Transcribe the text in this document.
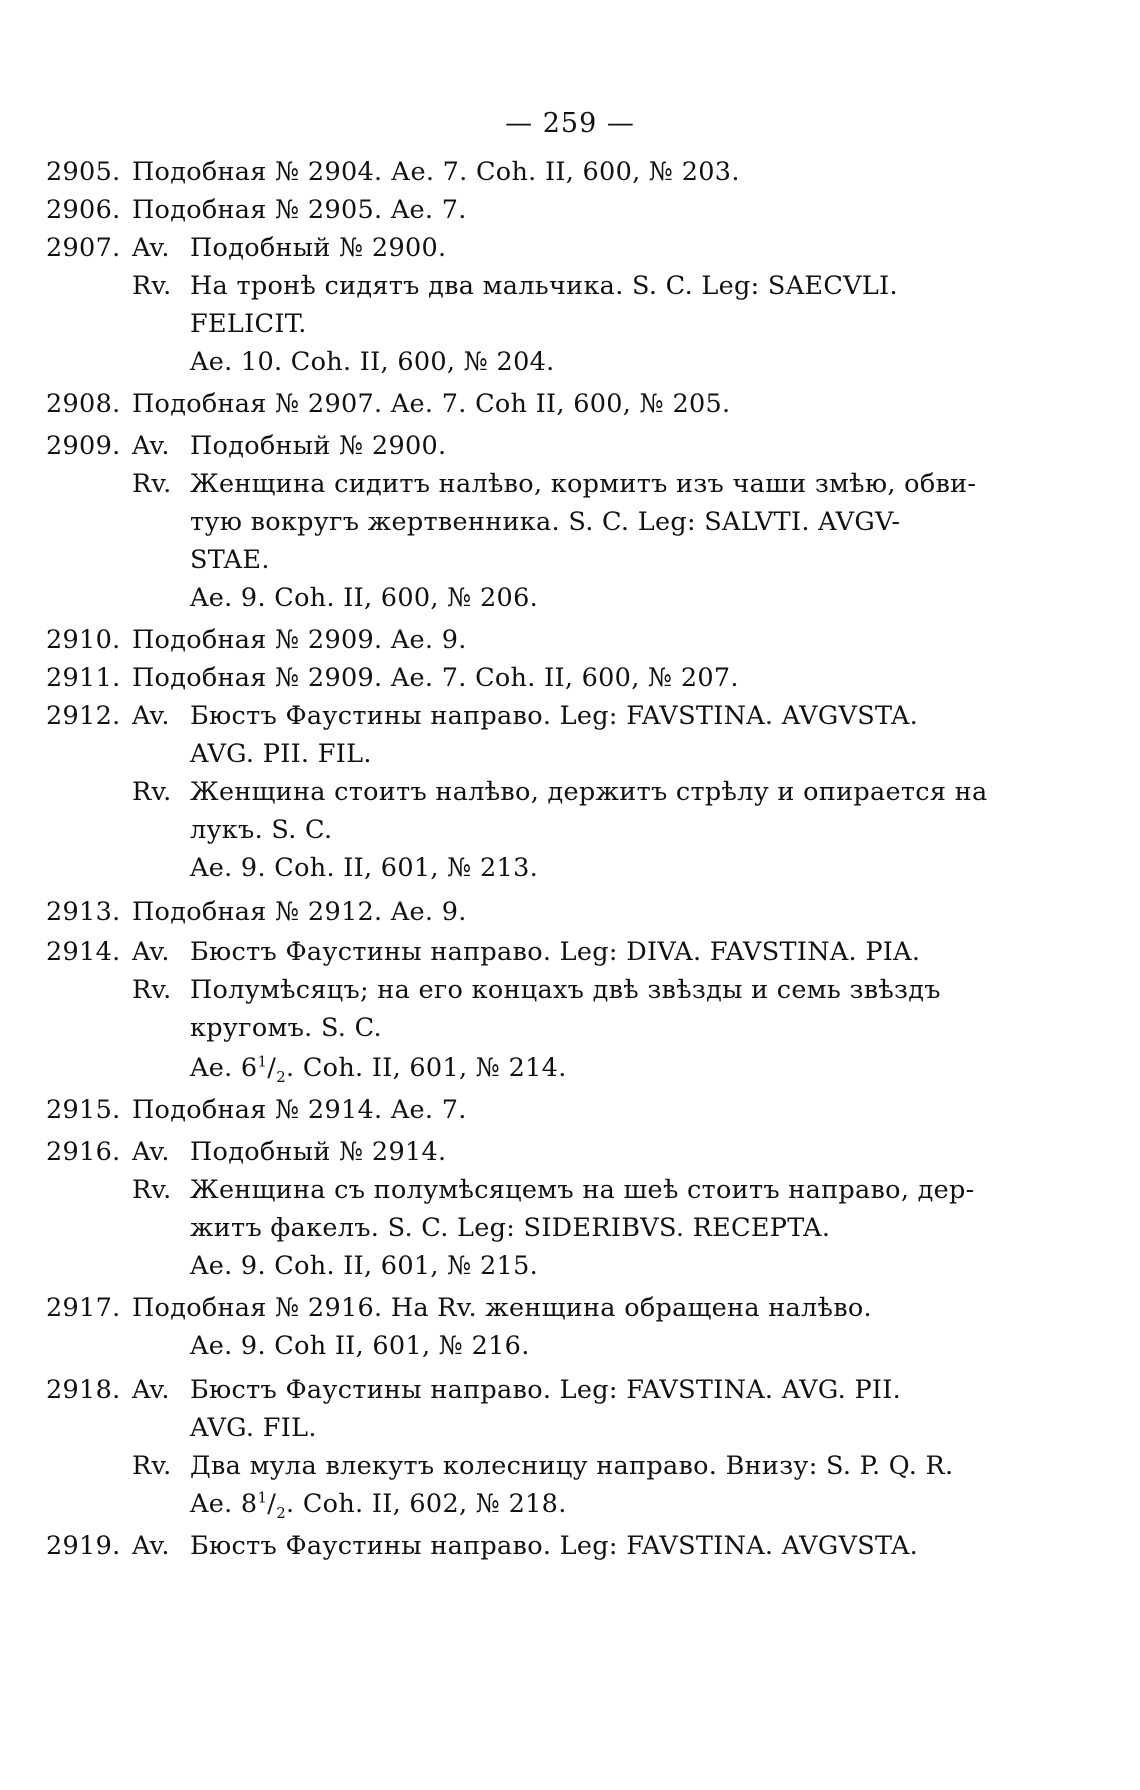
— 259 —
2905. Подобная № 2904. Ае. 7. Coh. II, 600, № 203.
2906. Подобная № 2905. Ae. 7.
2907. Av. Подобный № 2900.
Rv. На тронѣ сидятъ два мальчика. S. C. Leg: SAECVLI.
FELICIT.
Ae. 10. Coh. II, 600, № 204.
2908. Подобная № 2907. Ae. 7. Coh II, 600, № 205.
2909. Av. Подобный № 2900.
Rv. Женщина сидитъ налѣво, кормитъ изъ чаши змѣю, обви-
тую вокругъ жертвенника. S. C. Leg: SALVTI. AVGV-
STAE.
Ae. 9. Coh. II, 600, № 206.
2910. Подобная № 2909. Ae. 9.
2911. Подобная № 2909. Ae. 7. Coh. II, 600, № 207.
2912. Av. Бюстъ Фаустины направо. Leg: FAVSTINA. AVGVSTA.
AVG. PII. FIL.
Rv. Женщина стоитъ налѣво, держитъ стрѣлу и опирается на
лукъ. S. C.
Ae. 9. Coh. II, 601, № 213.
2913. Подобная № 2912. Ae. 9.
2914. Av. Бюстъ Фаустины направо. Leg: DIVA. FAVSTINA. PIA.
Rv. Полумѣсяцъ; на его концахъ двѣ звѣзды и семь звѣздъ
кругомъ. S. C.
Ae. $6^1/_2$. Coh. II, 601, № 214.
2915. Подобная № 2914. Ae. 7.
2916. Av. Подобный № 2914.
Rv. Женщина съ полумѣсяцемъ на шеѣ стоитъ направо, дер-
житъ факелъ. S. C. Leg: SIDERIBVS. RECEPTA.
Ae. 9. Coh. II, 601, № 215.
2917. Подобная № 2916. На Rv. женщина обращена налѣво.
Ae. 9. Coh II, 601, № 216.
2918. Av. Бюстъ Фаустины направо. Leg: FAVSTINA. AVG. PII.
AVG. FIL.
Rv. Два мула влекутъ колесницу направо. Внизу: S. P. Q. R.
Ae. $8^1/_2$. Coh. II, 602, № 218.
2919. Av. Бюстъ Фаустины направо. Leg: FAVSTINA. AVGVSTA.
